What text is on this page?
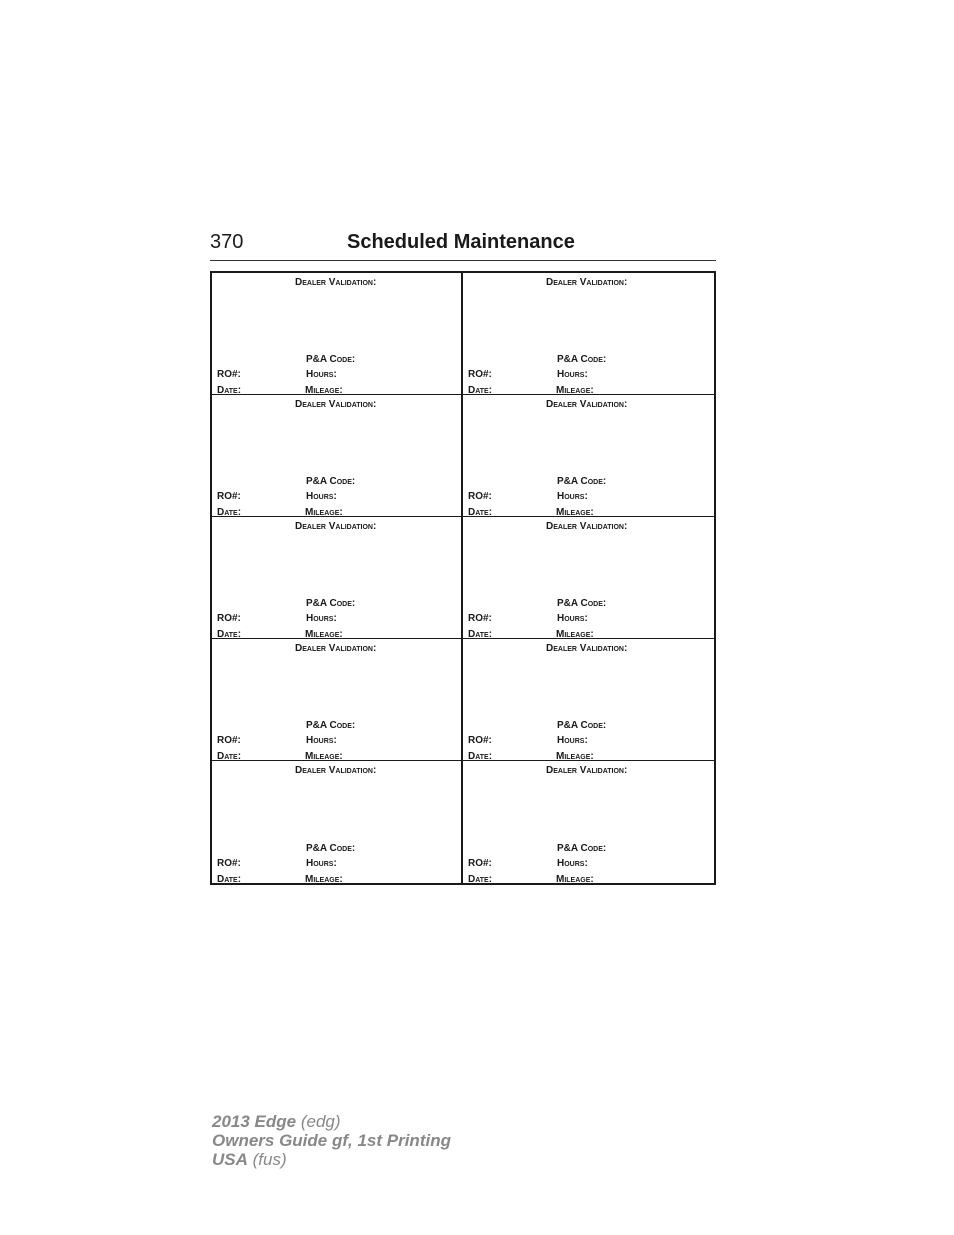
370	Scheduled Maintenance
Dealer Validation:
P&A Code:
RO#:	Hours:
Date:	Mileage:
Dealer Validation:
P&A Code:
RO#:	Hours:
Date:	Mileage:
Dealer Validation:
P&A Code:
RO#:	Hours:
Date:	Mileage:
Dealer Validation:
P&A Code:
RO#:	Hours:
Date:	Mileage:
Dealer Validation:
P&A Code:
RO#:	Hours:
Date:	Mileage:
Dealer Validation:
P&A Code:
RO#:	Hours:
Date:	Mileage:
Dealer Validation:
P&A Code:
RO#:	Hours:
Date:	Mileage:
Dealer Validation:
P&A Code:
RO#:	Hours:
Date:	Mileage:
Dealer Validation:
P&A Code:
RO#:	Hours:
Date:	Mileage:
Dealer Validation:
P&A Code:
RO#:	Hours:
Date:	Mileage:
2013 Edge (edg)
Owners Guide gf, 1st Printing
USA (fus)
